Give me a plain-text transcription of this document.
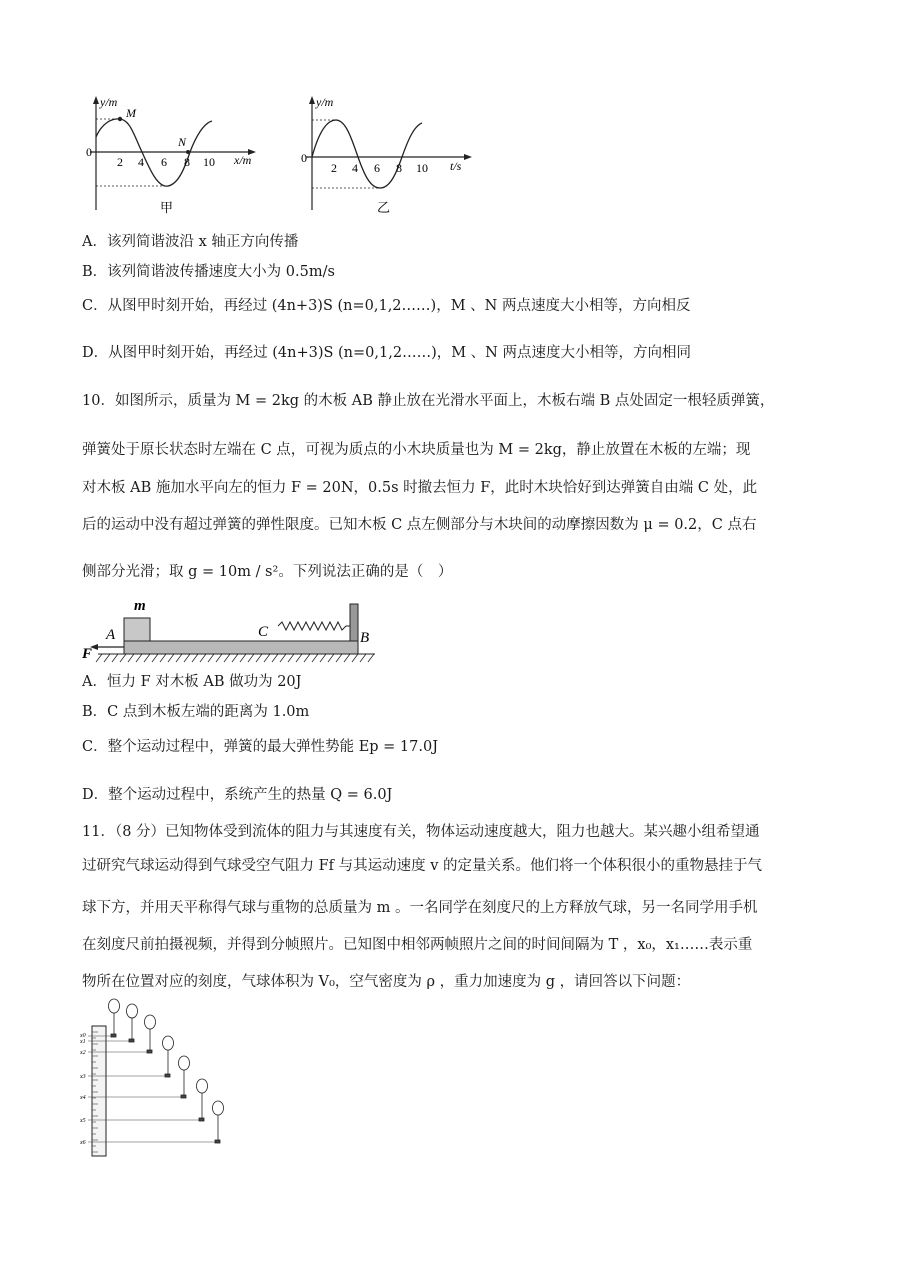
y/m
x/m
0
2 4 6 8 10
M
N
甲
y/m
t/s
0
2 4 6 8 10
乙
A．该列简谐波沿 x 轴正方向传播
B．该列简谐波传播速度大小为 0.5m/s
C．从图甲时刻开始，再经过 (4n+3)S (n=0,1,2……)，M 、N 两点速度大小相等，方向相反
D．从图甲时刻开始，再经过 (4n+3)S (n=0,1,2……)，M 、N 两点速度大小相等，方向相同
10．如图所示，质量为 M = 2kg 的木板 AB 静止放在光滑水平面上，木板右端 B 点处固定一根轻质弹簧，
弹簧处于原长状态时左端在 C 点，可视为质点的小木块质量也为 M = 2kg，静止放置在木板的左端；现
对木板 AB 施加水平向左的恒力 F = 20N，0.5s 时撤去恒力 F，此时木块恰好到达弹簧自由端 C 处，此
后的运动中没有超过弹簧的弹性限度。已知木板 C 点左侧部分与木块间的动摩擦因数为 μ = 0.2，C 点右
侧部分光滑；取 g = 10m / s²。下列说法正确的是（　）
m
A	C	B
F
A．恒力 F 对木板 AB 做功为 20J
B．C 点到木板左端的距离为 1.0m
C．整个运动过程中，弹簧的最大弹性势能 Ep = 17.0J
D．整个运动过程中，系统产生的热量 Q = 6.0J
11．（8 分）已知物体受到流体的阻力与其速度有关，物体运动速度越大，阻力也越大。某兴趣小组希望通
过研究气球运动得到气球受空气阻力 Ff 与其运动速度 v 的定量关系。他们将一个体积很小的重物悬挂于气
球下方，并用天平称得气球与重物的总质量为 m 。一名同学在刻度尺的上方释放气球，另一名同学用手机
在刻度尺前拍摄视频，并得到分帧照片。已知图中相邻两帧照片之间的时间间隔为 T ，x₀，x₁……表示重
物所在位置对应的刻度，气球体积为 V₀，空气密度为 ρ ，重力加速度为 g ，请回答以下问题：
x0
x1
x2
x3
x4
x5
x6
